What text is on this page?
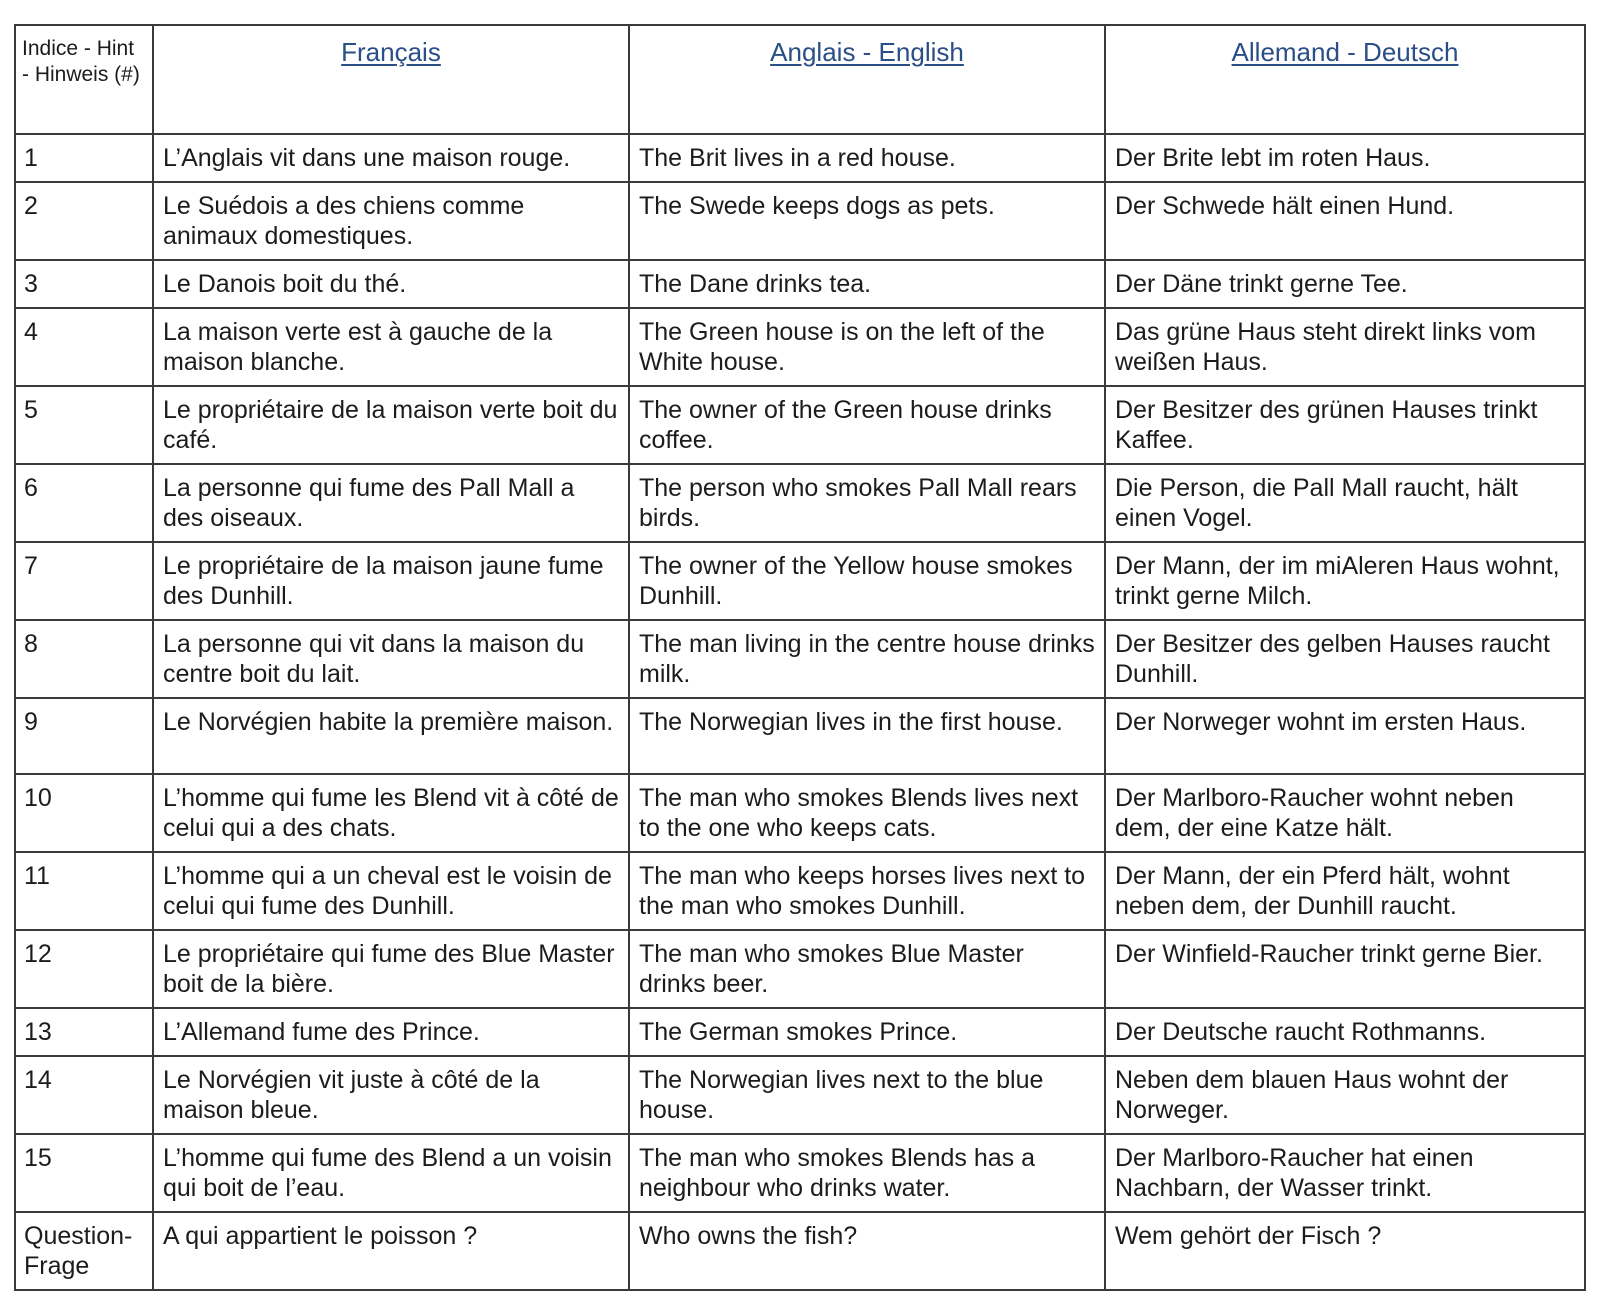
Indice - Hint - Hinweis (#)	Français	Anglais - English	Allemand - Deutsch
1	L’Anglais vit dans une maison rouge.	The Brit lives in a red house.	Der Brite lebt im roten Haus.
2	Le Suédois a des chiens comme animaux domestiques.	The Swede keeps dogs as pets.	Der Schwede hält einen Hund.
3	Le Danois boit du thé.	The Dane drinks tea.	Der Däne trinkt gerne Tee.
4	La maison verte est à gauche de la maison blanche.	The Green house is on the left of the White house.	Das grüne Haus steht direkt links vom weißen Haus.
5	Le propriétaire de la maison verte boit du café.	The owner of the Green house drinks coffee.	Der Besitzer des grünen Hauses trinkt Kaffee.
6	La personne qui fume des Pall Mall a des oiseaux.	The person who smokes Pall Mall rears birds.	Die Person, die Pall Mall raucht, hält einen Vogel.
7	Le propriétaire de la maison jaune fume des Dunhill.	The owner of the Yellow house smokes Dunhill.	Der Mann, der im miAleren Haus wohnt, trinkt gerne Milch.
8	La personne qui vit dans la maison du centre boit du lait.	The man living in the centre house drinks milk.	Der Besitzer des gelben Hauses raucht Dunhill.
9	Le Norvégien habite la première maison.	The Norwegian lives in the first house.	Der Norweger wohnt im ersten Haus.
10	L’homme qui fume les Blend vit à côté de celui qui a des chats.	The man who smokes Blends lives next to the one who keeps cats.	Der Marlboro-Raucher wohnt neben dem, der eine Katze hält.
11	L’homme qui a un cheval est le voisin de celui qui fume des Dunhill.	The man who keeps horses lives next to the man who smokes Dunhill.	Der Mann, der ein Pferd hält, wohnt neben dem, der Dunhill raucht.
12	Le propriétaire qui fume des Blue Master boit de la bière.	The man who smokes Blue Master drinks beer.	Der Winfield-Raucher trinkt gerne Bier.
13	L’Allemand fume des Prince.	The German smokes Prince.	Der Deutsche raucht Rothmanns.
14	Le Norvégien vit juste à côté de la maison bleue.	The Norwegian lives next to the blue house.	Neben dem blauen Haus wohnt der Norweger.
15	L’homme qui fume des Blend a un voisin qui boit de l’eau.	The man who smokes Blends has a neighbour who drinks water.	Der Marlboro-Raucher hat einen Nachbarn, der Wasser trinkt.
Question- Frage	A qui appartient le poisson ?	Who owns the fish?	Wem gehört der Fisch ?
